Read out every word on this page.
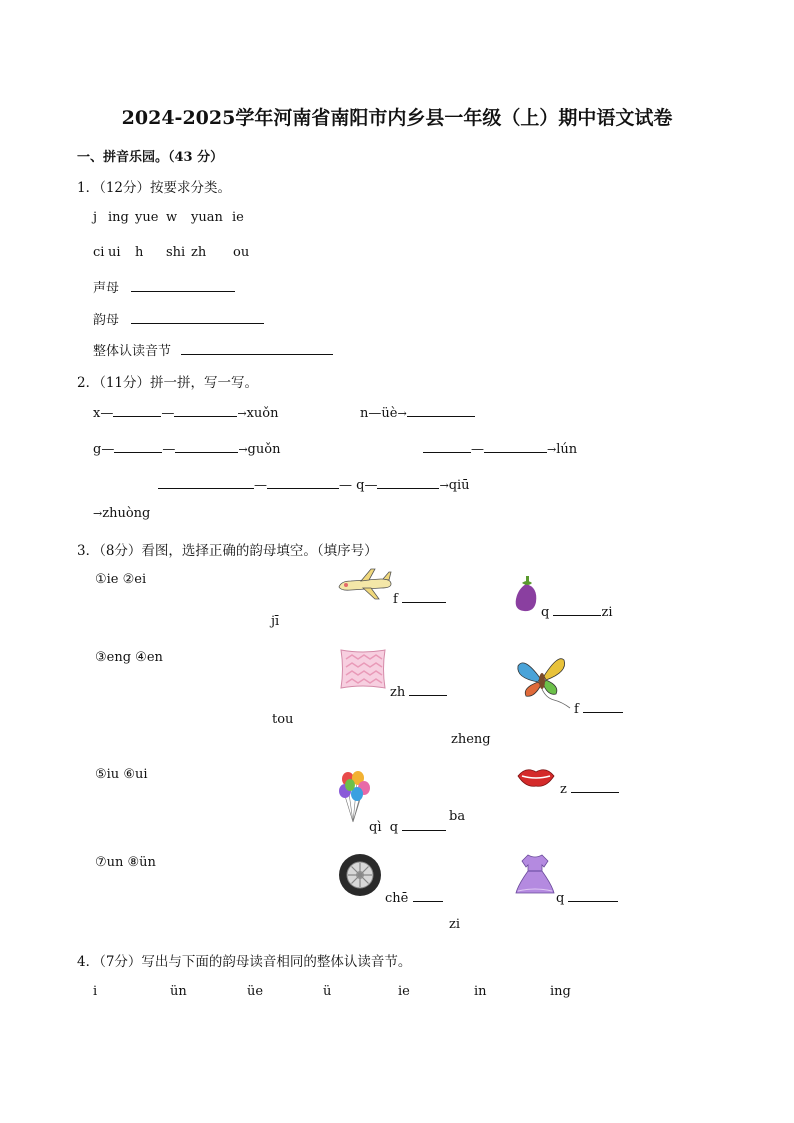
2024-2025学年河南省南阳市内乡县一年级（上）期中语文试卷
一、拼音乐园。（43 分）
1．（12分）按要求分类。
j ing yue w yuan ie
ci ui h shi zh ou
声母
韵母
整体认读音节
2．（11分）拼一拼，写一写。
x—	—	→xuǒn	n—üè→
g—	—	→guǒn	—	→lún
—	— q—	→qiū
→zhuòng
3．（8分）看图，选择正确的韵母填空。（填序号）
①ie ②ei
③eng ④en
⑤iu ⑥ui
⑦un ⑧ün
f
jī
q	zi
zh
tou
f
zheng
z
qì q
ba
chē
zi
q
4．（7分）写出与下面的韵母读音相同的整体认读音节。
i	ün	üe	ü	ie	in	ing
